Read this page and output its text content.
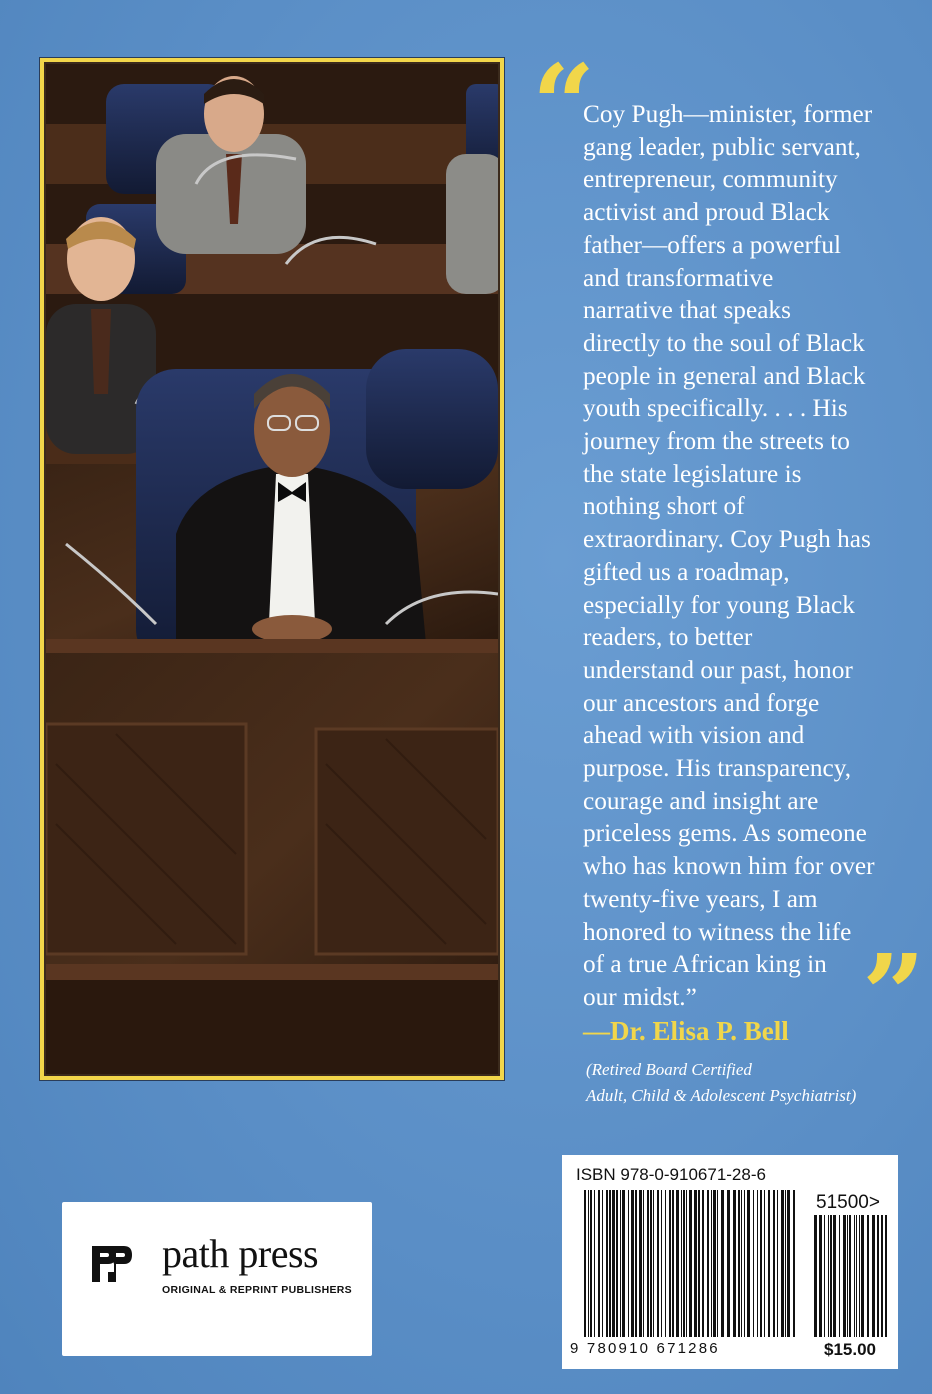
“
Coy Pugh—minister, former
gang leader, public servant,
entrepreneur, community
activist and proud Black
father—offers a powerful
and transformative
narrative that speaks
directly to the soul of Black
people in general and Black
youth specifically. . . . His
journey from the streets to
the state legislature is
nothing short of
extraordinary. Coy Pugh has
gifted us a roadmap,
especially for young Black
readers, to better
understand our past, honor
our ancestors and forge
ahead with vision and
purpose. His transparency,
courage and insight are
priceless gems. As someone
who has known him for over
twenty-five years, I am
honored to witness the life
of a true African king in
our midst.”	”
—Dr. Elisa P. Bell
(Retired Board Certified
Adult, Child & Adolescent Psychiatrist)
path press
ORIGINAL & REPRINT PUBLISHERS
ISBN 978-0-910671-28-6
51500>
9 780910 671286	$15.00
